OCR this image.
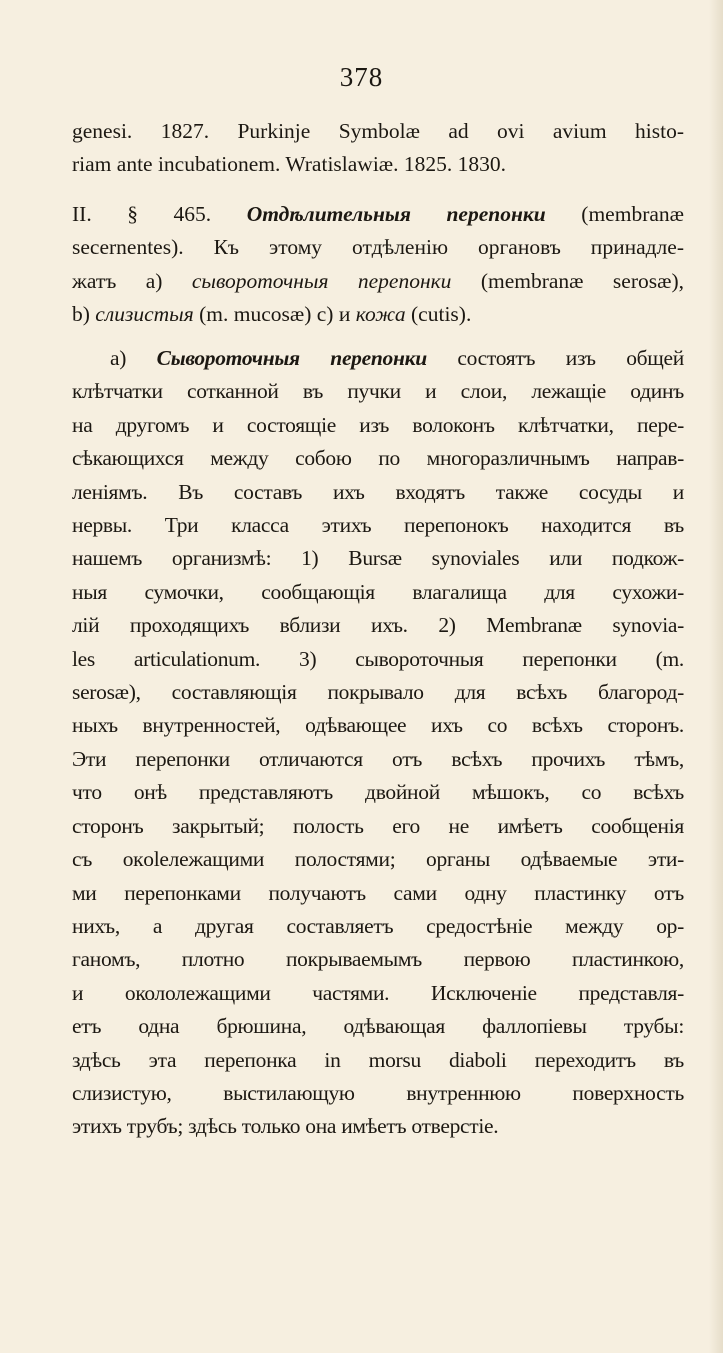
378
genesi. 1827. Purkinje Symbolæ ad ovi avium histo-
riam ante incubationem. Wratislawiæ. 1825. 1830.
II. § 465. Отдѣлительныя перепонки (membranæ
secernentes). Къ этому отдѣленію органовъ принадле-
жатъ a) сывороточныя перепонки (membranæ serosæ),
b) слизистыя (m. mucosæ) c) и кожа (cutis).
a) Сывороточныя перепонки состоятъ изъ общей
клѣтчатки сотканной въ пучки и слои, лежащіе одинъ
на другомъ и состоящіе изъ волоконъ клѣтчатки, пере-
сѣкающихся между собою по многоразличнымъ направ-
леніямъ. Въ составъ ихъ входятъ также сосуды и
нервы. Три класса этихъ перепонокъ находится въ
нашемъ организмѣ: 1) Bursæ synoviales или подкож-
ныя сумочки, сообщающія влагалища для сухожи-
лій проходящихъ вблизи ихъ. 2) Membranæ synovia-
les articulationum. 3) сывороточныя перепонки (m.
serosæ), составляющія покрывало для всѣхъ благород-
ныхъ внутренностей, одѣвающее ихъ со всѣхъ сторонъ.
Эти перепонки отличаются отъ всѣхъ прочихъ тѣмъ,
что онѣ представляютъ двойной мѣшокъ, со всѣхъ
сторонъ закрытый; полость его не имѣетъ сообщенія
съ окolележащими полостями; органы одѣваемые эти-
ми перепонками получаютъ сами одну пластинку отъ
нихъ, а другая составляетъ средостѣніе между ор-
ганомъ, плотно покрываемымъ первою пластинкою,
и окололежащими частями. Исключеніе представля-
етъ одна брюшина, одѣвающая фаллопіевы трубы:
здѣсь эта перепонка in morsu diaboli переходитъ въ
слизистую, выстилающую внутреннюю поверхность
этихъ трубъ; здѣсь только она имѣетъ отверстіе.
